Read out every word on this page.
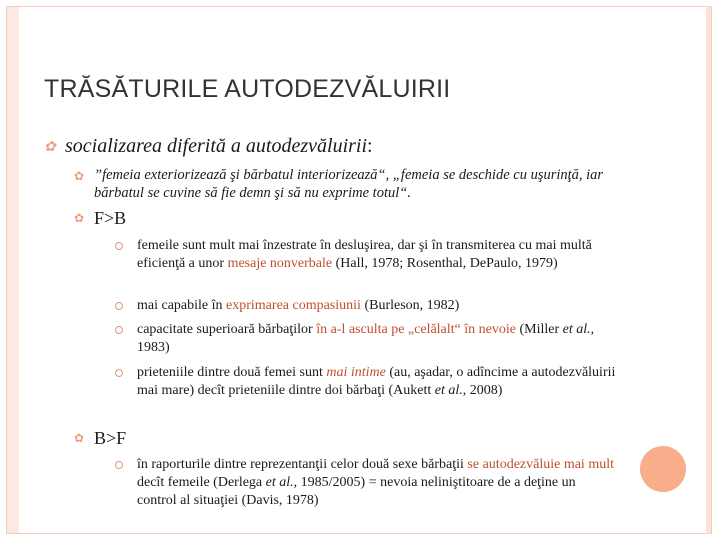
TRĂSĂTURILE AUTODEZVĂLUIRII
✿ socializarea diferită a autodezvăluirii:
✿ ”femeia exteriorizează şi bărbatul interiorizează“, „femeia se deschide cu uşurinţă, iar bărbatul se cuvine să fie demn şi să nu exprime totul“.
✿ F>B
femeile sunt mult mai înzestrate în desluşirea, dar şi în transmiterea cu mai multă eficienţă a unor mesaje nonverbale (Hall, 1978; Rosenthal, DePaulo, 1979)
mai capabile în exprimarea compasiunii (Burleson, 1982)
capacitate superioară bărbaţilor în a-l asculta pe „celălalt“ în nevoie (Miller et al., 1983)
prieteniile dintre două femei sunt mai intime (au, aşadar, o adîncime a autodezvăluirii mai mare) decît prieteniile dintre doi bărbaţi (Aukett et al., 2008)
✿ B>F
în raporturile dintre reprezentanţii celor două sexe bărbaţii se autodezvăluie mai mult decît femeile (Derlega et al., 1985/2005) = nevoia neliniştitoare de a deţine un control al situaţiei (Davis, 1978)
